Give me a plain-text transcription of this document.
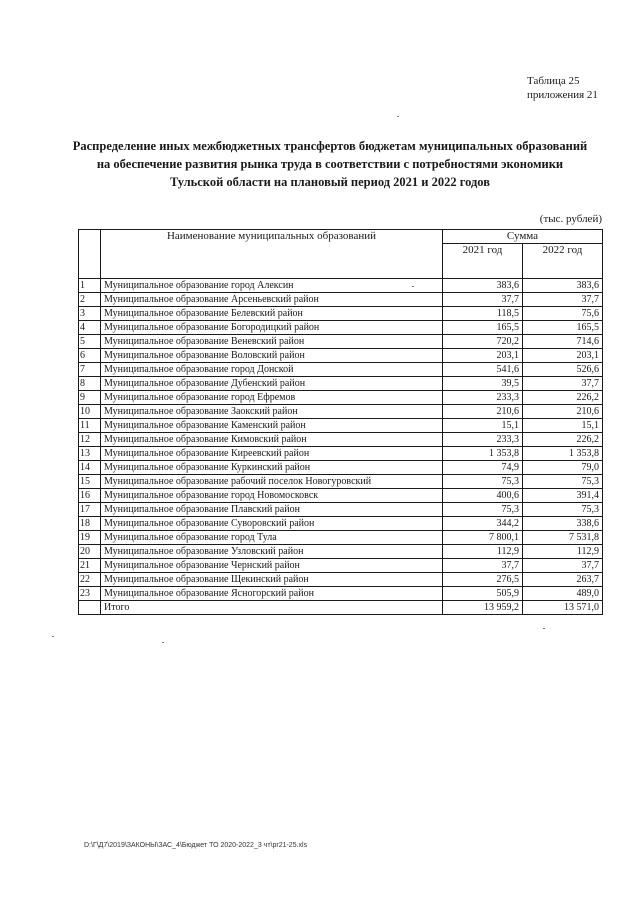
Таблица 25
приложения 21
Распределение иных межбюджетных трансфертов бюджетам муниципальных образований
на обеспечение развития рынка труда в соответствии с потребностями экономики
Тульской области на плановый период 2021 и 2022 годов
(тыс. рублей)
	Наименование муниципальных образований	Сумма	
		2021 год	2022 год
1	Муниципальное образование город Алексин	383,6	383,6
2	Муниципальное образование Арсеньевский район	37,7	37,7
3	Муниципальное образование Белевский район	118,5	75,6
4	Муниципальное образование Богородицкий район	165,5	165,5
5	Муниципальное образование Веневский район	720,2	714,6
6	Муниципальное образование Воловский район	203,1	203,1
7	Муниципальное образование город Донской	541,6	526,6
8	Муниципальное образование Дубенский район	39,5	37,7
9	Муниципальное образование город Ефремов	233,3	226,2
10	Муниципальное образование Заокский район	210,6	210,6
11	Муниципальное образование Каменский район	15,1	15,1
12	Муниципальное образование Кимовский район	233,3	226,2
13	Муниципальное образование Киреевский район	1 353,8	1 353,8
14	Муниципальное образование Куркинский район	74,9	79,0
15	Муниципальное образование рабочий поселок Новогуровский	75,3	75,3
16	Муниципальное образование город Новомосковск	400,6	391,4
17	Муниципальное образование Плавский район	75,3	75,3
18	Муниципальное образование Суворовский район	344,2	338,6
19	Муниципальное образование город Тула	7 800,1	7 531,8
20	Муниципальное образование Узловский район	112,9	112,9
21	Муниципальное образование Чернский район	37,7	37,7
22	Муниципальное образование Щекинский район	276,5	263,7
23	Муниципальное образование Ясногорский район	505,9	489,0
	Итого	13 959,2	13 571,0
D:\Г\Д7\2019\ЗАКОНЫ\ЗАС_4\Бюджет ТО 2020-2022_3 чт\pr21-25.xls
